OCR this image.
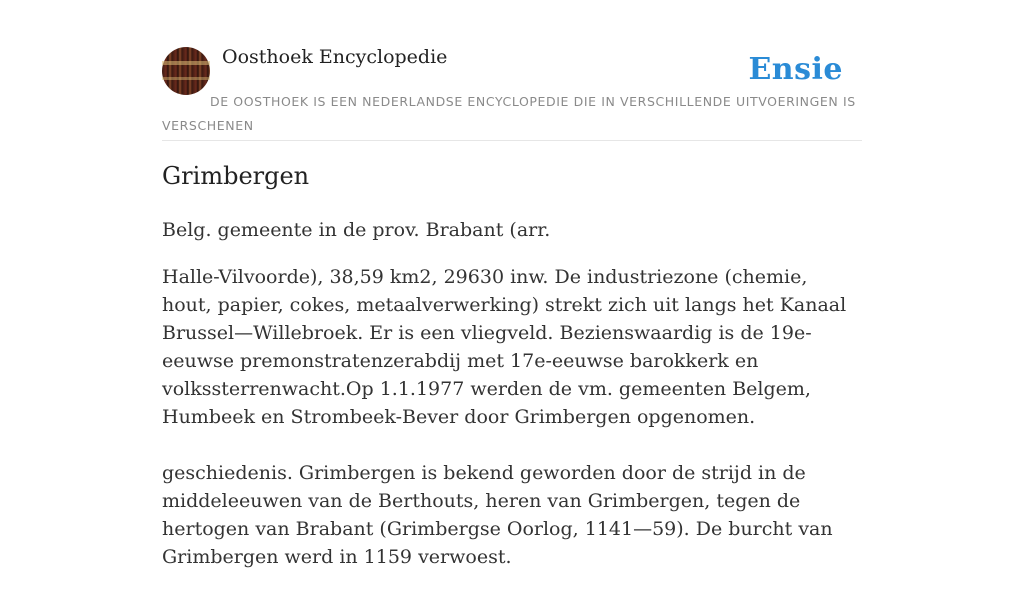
Oosthoek Encyclopedie	Ensie
DE OOSTHOEK IS EEN NEDERLANDSE ENCYCLOPEDIE DIE IN VERSCHILLENDE UITVOERINGEN IS VERSCHENEN
Grimbergen

Belg. gemeente in de prov. Brabant (arr.

Halle-Vilvoorde), 38,59 km2, 29630 inw. De industriezone (chemie, hout, papier, cokes, metaalverwerking) strekt zich uit langs het Kanaal Brussel—Willebroek. Er is een vliegveld. Bezienswaardig is de 19e-eeuwse premonstratenzerabdij met 17e-eeuwse barokkerk en volkssterrenwacht.Op 1.1.1977 werden de vm. gemeenten Belgem, Humbeek en Strombeek-Bever door Grimbergen opgenomen.

geschiedenis. Grimbergen is bekend geworden door de strijd in de middeleeuwen van de Berthouts, heren van Grimbergen, tegen de hertogen van Brabant (Grimbergse Oorlog, 1141—59). De burcht van Grimbergen werd in 1159 verwoest.
